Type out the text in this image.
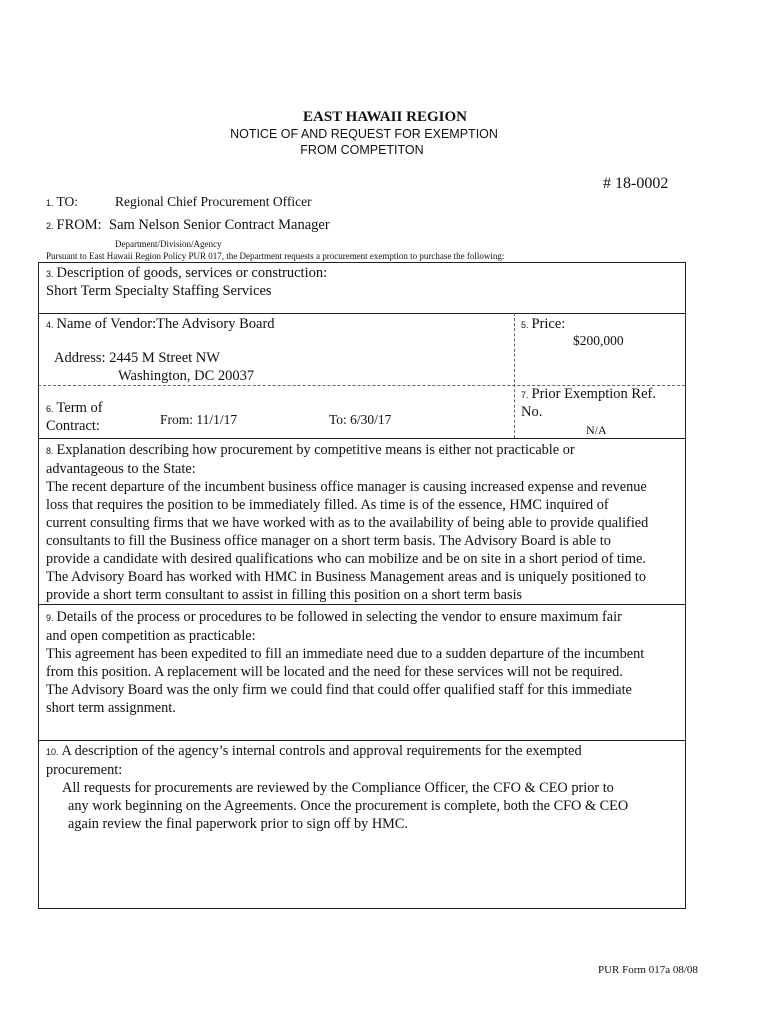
EAST HAWAII REGION
NOTICE OF AND REQUEST FOR EXEMPTION
FROM COMPETITON
# 18-0002
1. TO:	Regional Chief Procurement Officer
2. FROM: Sam Nelson Senior Contract Manager
Department/Division/Agency
Pursuant to East Hawaii Region Policy PUR 017, the Department requests a procurement exemption to purchase the following:
3. Description of goods, services or construction:
Short Term Specialty Staffing Services
4. Name of Vendor:The Advisory Board
Address: 2445 M Street NW
Washington, DC 20037
5. Price:
$200,000
6. Term of
Contract:	From: 11/1/17	To: 6/30/17
7. Prior Exemption Ref.
No.
N/A
8. Explanation describing how procurement by competitive means is either not practicable or
advantageous to the State:
The recent departure of the incumbent business office manager is causing increased expense and revenue
loss that requires the position to be immediately filled. As time is of the essence, HMC inquired of
current consulting firms that we have worked with as to the availability of being able to provide qualified
consultants to fill the Business office manager on a short term basis. The Advisory Board is able to
provide a candidate with desired qualifications who can mobilize and be on site in a short period of time.
The Advisory Board has worked with HMC in Business Management areas and is uniquely positioned to
provide a short term consultant to assist in filling this position on a short term basis
9. Details of the process or procedures to be followed in selecting the vendor to ensure maximum fair
and open competition as practicable:
This agreement has been expedited to fill an immediate need due to a sudden departure of the incumbent
from this position. A replacement will be located and the need for these services will not be required.
The Advisory Board was the only firm we could find that could offer qualified staff for this immediate
short term assignment.
10. A description of the agency’s internal controls and approval requirements for the exempted
procurement:
All requests for procurements are reviewed by the Compliance Officer, the CFO & CEO prior to
any work beginning on the Agreements. Once the procurement is complete, both the CFO & CEO
again review the final paperwork prior to sign off by HMC.
PUR Form 017a 08/08
